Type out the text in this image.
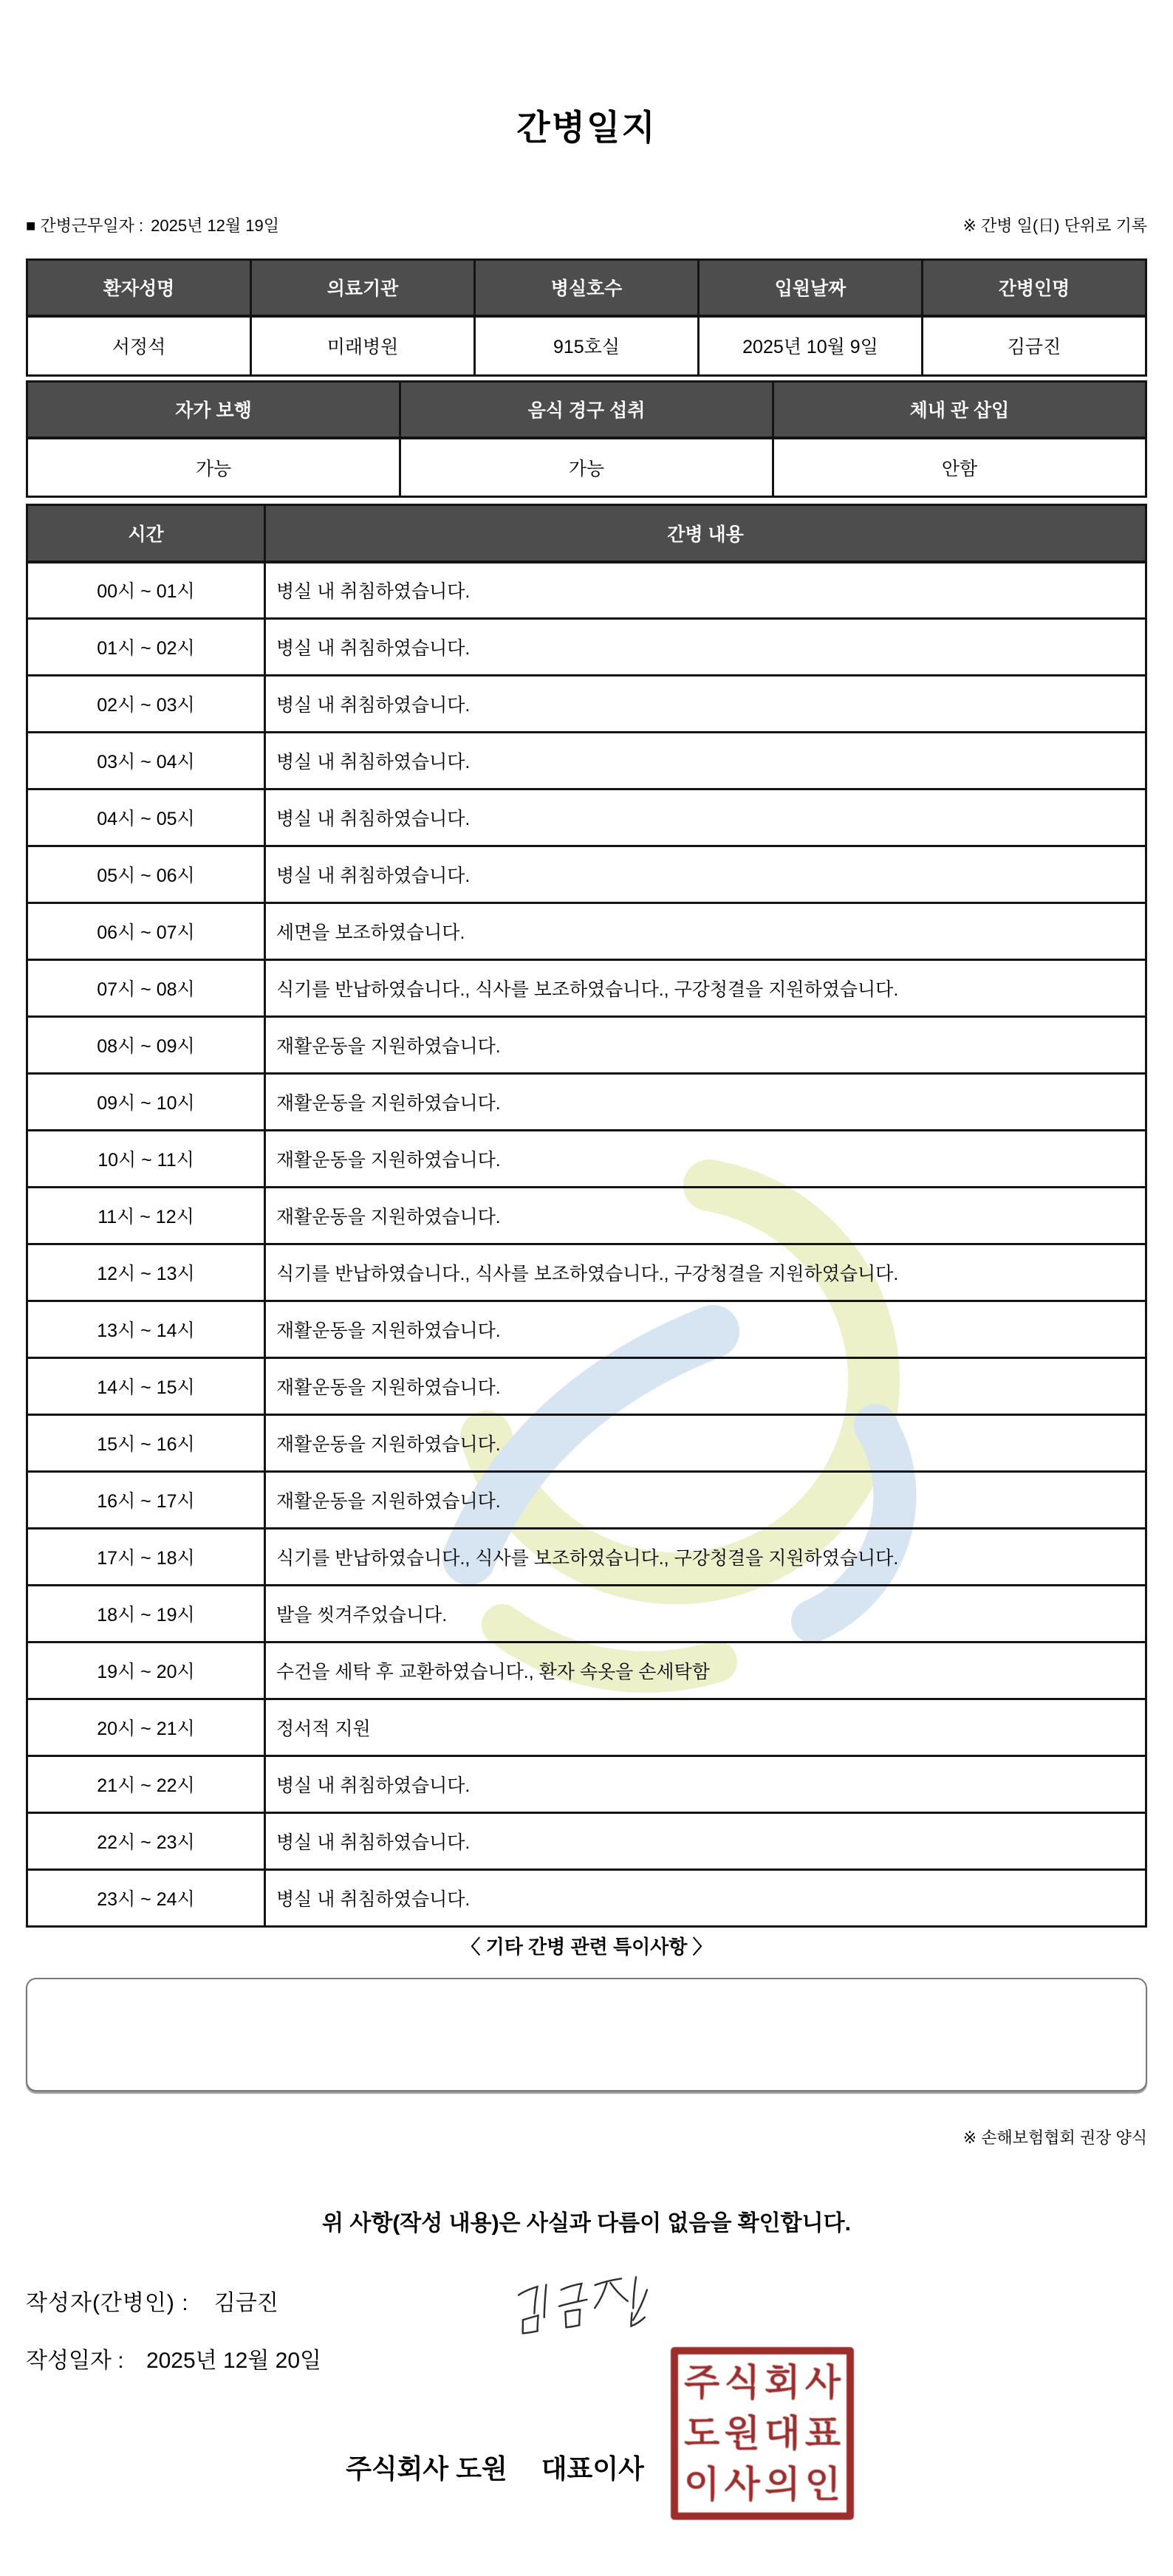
간병일지
■ 간병근무일자 : 2025년 12월 19일	※ 간병 일(日) 단위로 기록
환자성명	의료기관	병실호수	입원날짜	간병인명
서정석	미래병원	915호실	2025년 10월 9일	김금진
자가 보행	음식 경구 섭취	체내 관 삽입
가능	가능	안함
시간	간병 내용
00시 ~ 01시	병실 내 취침하였습니다.
01시 ~ 02시	병실 내 취침하였습니다.
02시 ~ 03시	병실 내 취침하였습니다.
03시 ~ 04시	병실 내 취침하였습니다.
04시 ~ 05시	병실 내 취침하였습니다.
05시 ~ 06시	병실 내 취침하였습니다.
06시 ~ 07시	세면을 보조하였습니다.
07시 ~ 08시	식기를 반납하였습니다., 식사를 보조하였습니다., 구강청결을 지원하였습니다.
08시 ~ 09시	재활운동을 지원하였습니다.
09시 ~ 10시	재활운동을 지원하였습니다.
10시 ~ 11시	재활운동을 지원하였습니다.
11시 ~ 12시	재활운동을 지원하였습니다.
12시 ~ 13시	식기를 반납하였습니다., 식사를 보조하였습니다., 구강청결을 지원하였습니다.
13시 ~ 14시	재활운동을 지원하였습니다.
14시 ~ 15시	재활운동을 지원하였습니다.
15시 ~ 16시	재활운동을 지원하였습니다.
16시 ~ 17시	재활운동을 지원하였습니다.
17시 ~ 18시	식기를 반납하였습니다., 식사를 보조하였습니다., 구강청결을 지원하였습니다.
18시 ~ 19시	발을 씻겨주었습니다.
19시 ~ 20시	수건을 세탁 후 교환하였습니다., 환자 속옷을 손세탁함
20시 ~ 21시	정서적 지원
21시 ~ 22시	병실 내 취침하였습니다.
22시 ~ 23시	병실 내 취침하였습니다.
23시 ~ 24시	병실 내 취침하였습니다.
〈 기타 간병 관련 특이사항 〉
※ 손해보험협회 권장 양식
위 사항(작성 내용)은 사실과 다름이 없음을 확인합니다.
작성자(간병인) : 김금진
작성일자 : 2025년 12월 20일
주식회사 도원 대표이사
주 식 회 사
도 원 대 표
이 사 의 인
